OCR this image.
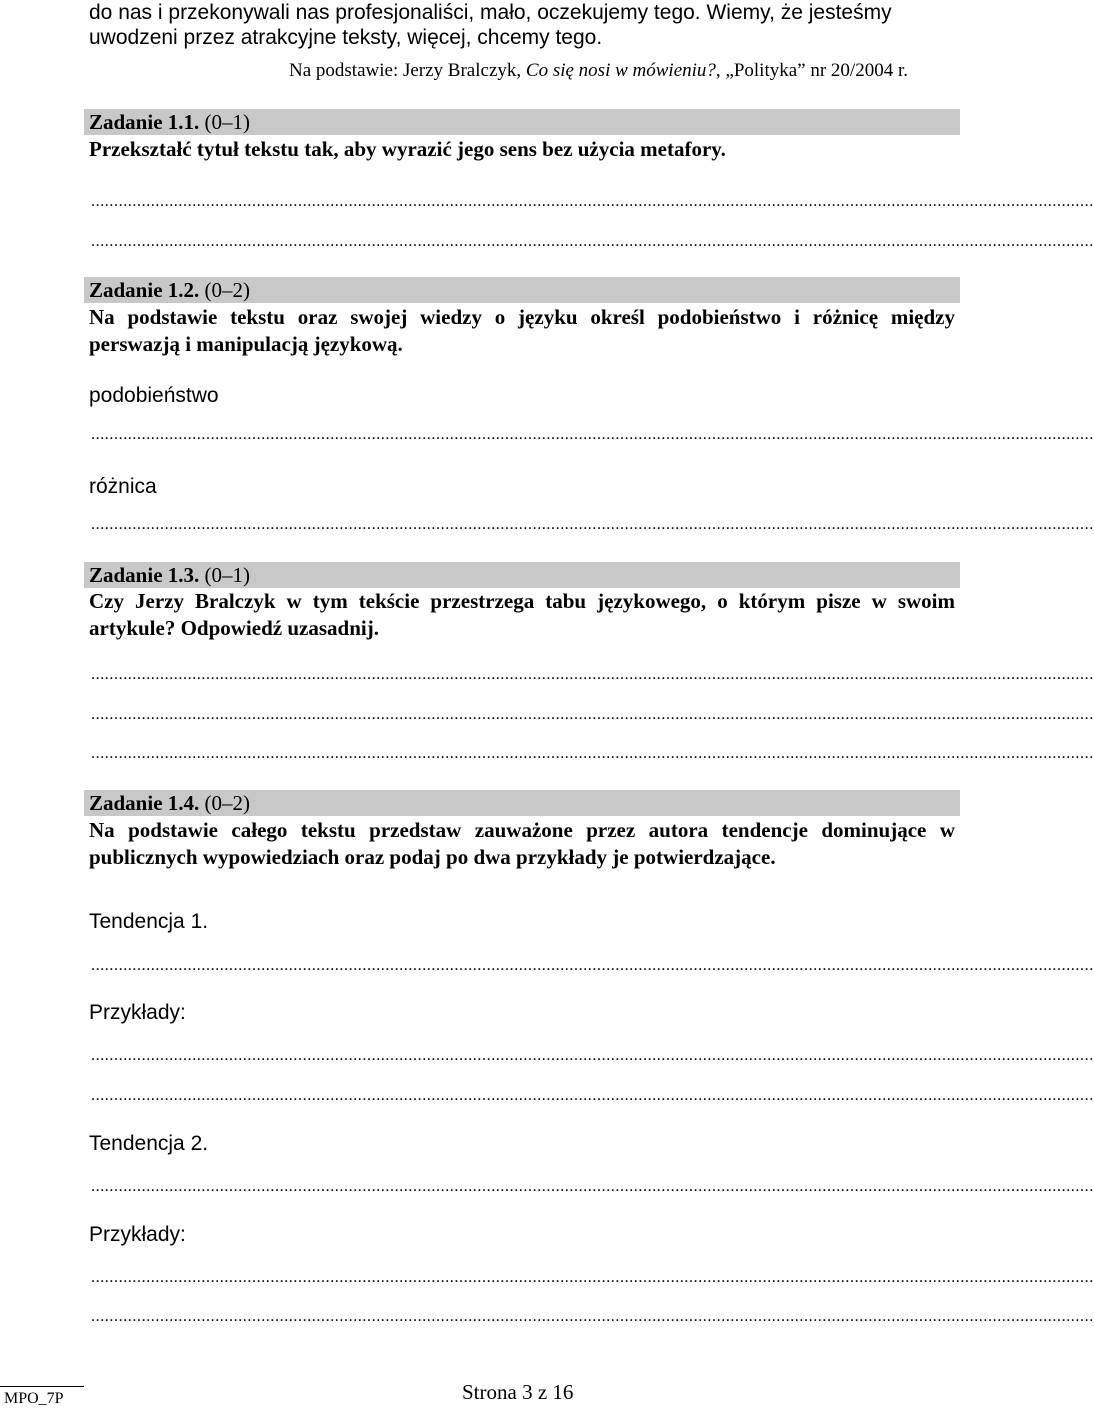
do nas i przekonywali nas profesjonaliści, mało, oczekujemy tego. Wiemy, że jesteśmy
uwodzeni przez atrakcyjne teksty, więcej, chcemy tego.
Na podstawie: Jerzy Bralczyk, Co się nosi w mówieniu?, „Polityka” nr 20/2004 r.
Zadanie 1.1. (0–1)
Przekształć tytuł tekstu tak, aby wyrazić jego sens bez użycia metafory.
..........................................................................................................................................................................................................................
..........................................................................................................................................................................................................................
Zadanie 1.2. (0–2)
Na podstawie tekstu oraz swojej wiedzy o języku określ podobieństwo i różnicę między perswazją i manipulacją językową.
podobieństwo
..........................................................................................................................................................................................................................
różnica
..........................................................................................................................................................................................................................
Zadanie 1.3. (0–1)
Czy Jerzy Bralczyk w tym tekście przestrzega tabu językowego, o którym pisze w swoim artykule? Odpowiedź uzasadnij.
..........................................................................................................................................................................................................................
..........................................................................................................................................................................................................................
..........................................................................................................................................................................................................................
Zadanie 1.4. (0–2)
Na podstawie całego tekstu przedstaw zauważone przez autora tendencje dominujące w publicznych wypowiedziach oraz podaj po dwa przykłady je potwierdzające.
Tendencja 1.
..........................................................................................................................................................................................................................
Przykłady:
..........................................................................................................................................................................................................................
..........................................................................................................................................................................................................................
Tendencja 2.
..........................................................................................................................................................................................................................
Przykłady:
..........................................................................................................................................................................................................................
..........................................................................................................................................................................................................................
MPO_7P	Strona 3 z 16
